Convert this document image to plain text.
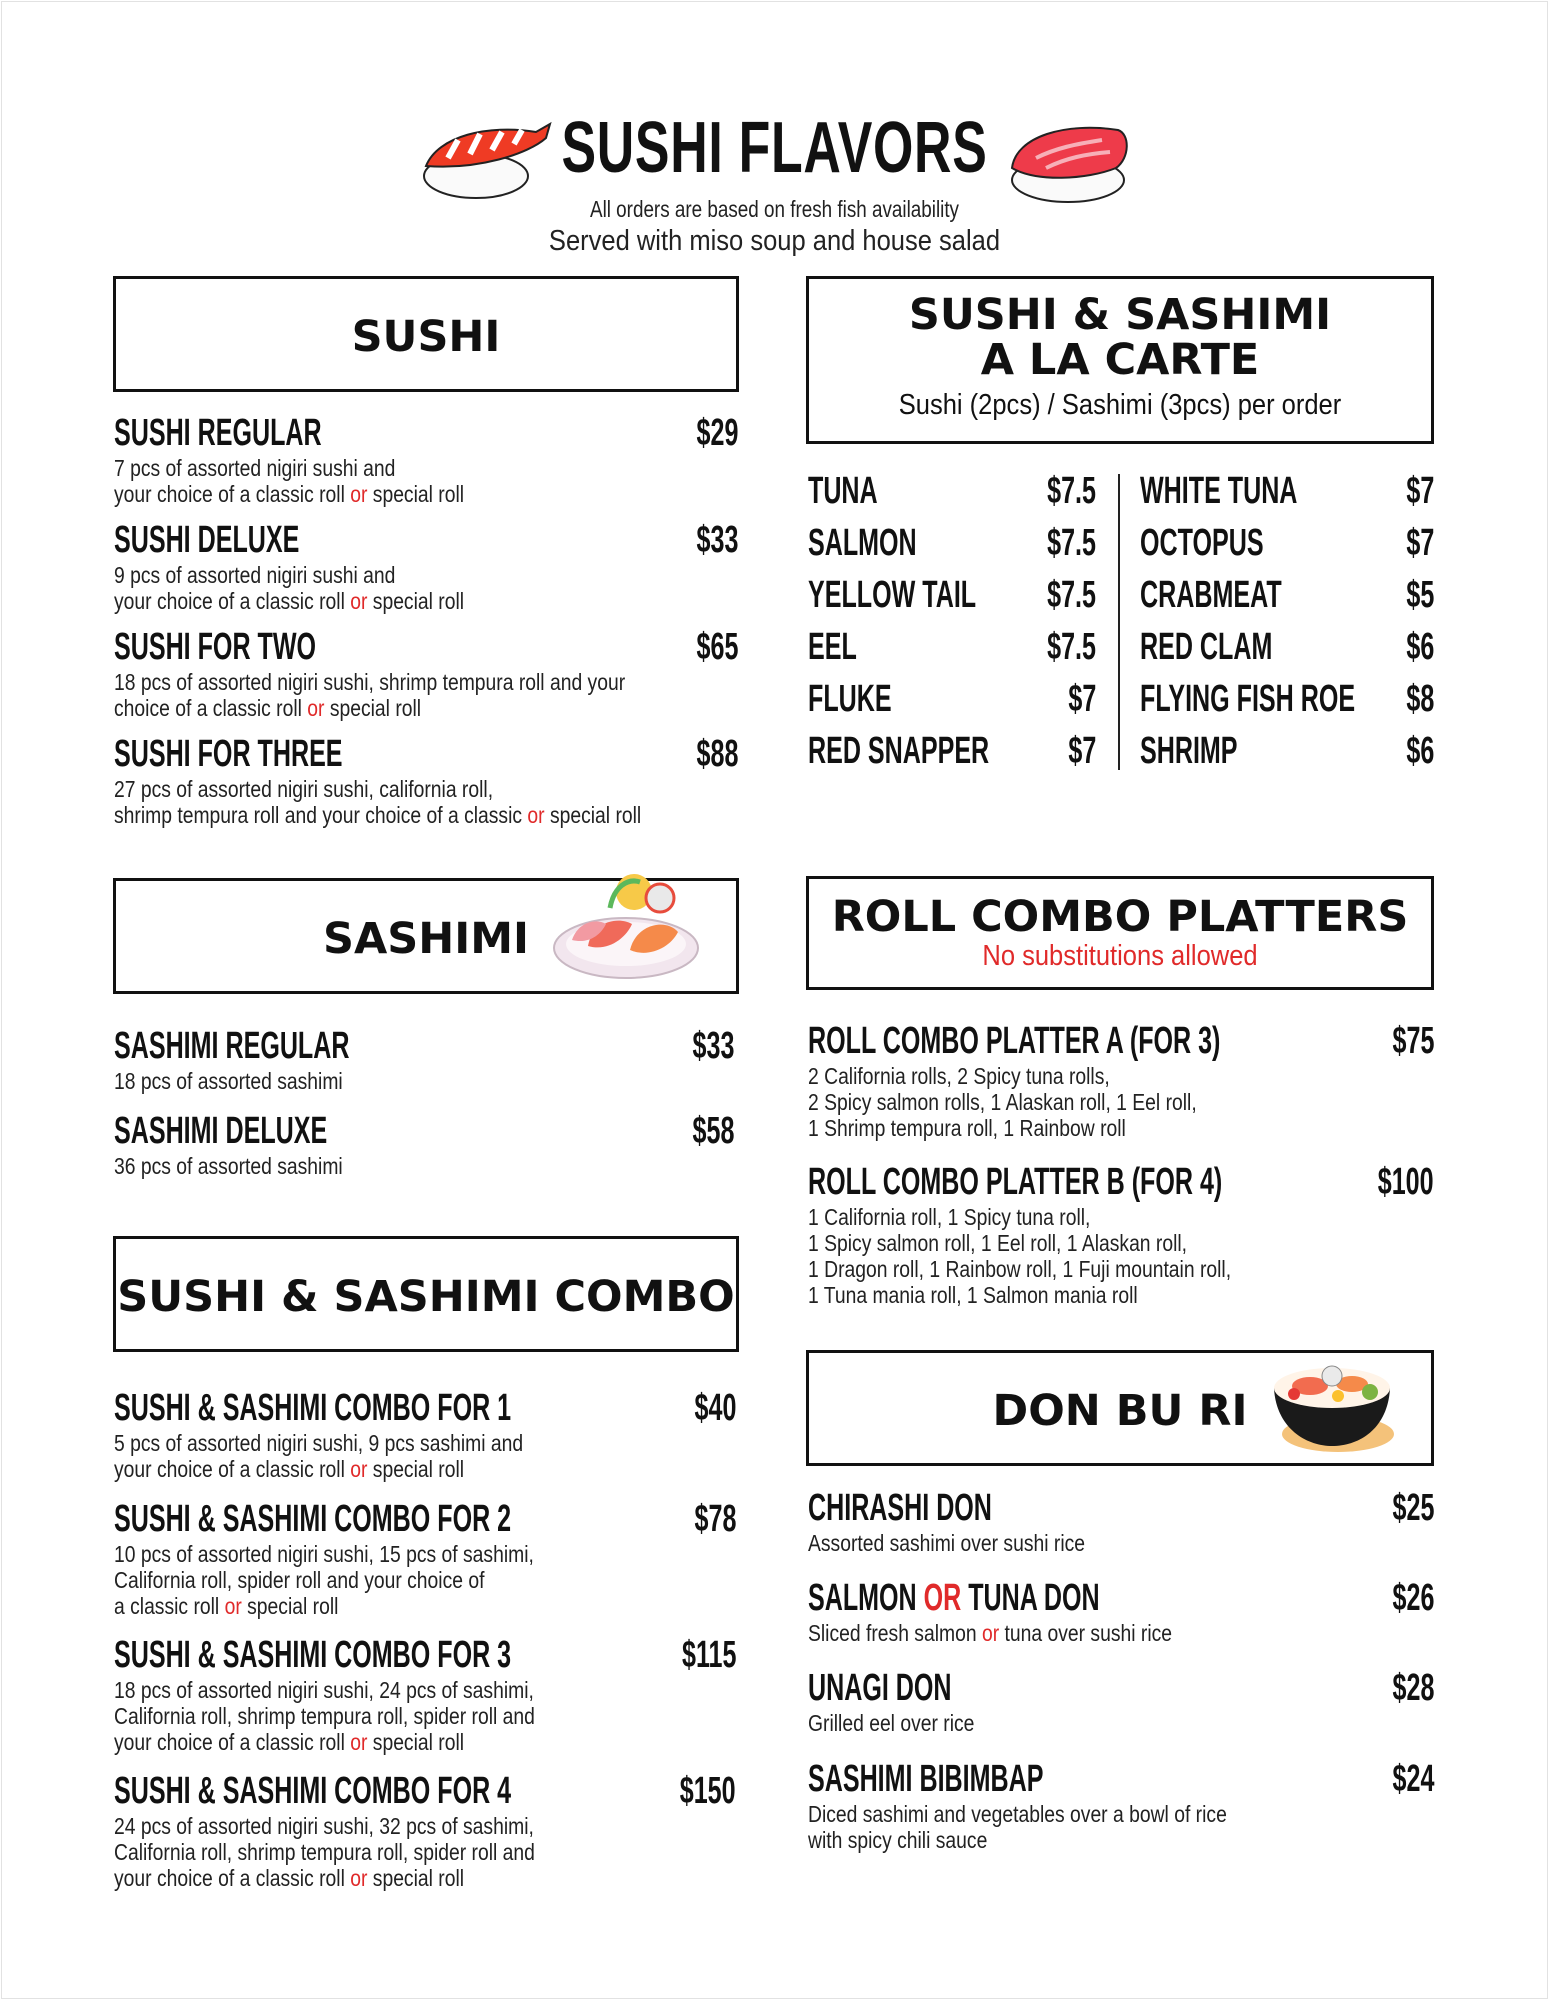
SUSHI FLAVORS
All orders are based on fresh fish availability
Served with miso soup and house salad
SUSHI
SUSHI REGULAR	$29
7 pcs of assorted nigiri sushi and
your choice of a classic roll or special roll
SUSHI DELUXE	$33
9 pcs of assorted nigiri sushi and
your choice of a classic roll or special roll
SUSHI FOR TWO	$65
18 pcs of assorted nigiri sushi, shrimp tempura roll and your
choice of a classic roll or special roll
SUSHI FOR THREE	$88
27 pcs of assorted nigiri sushi, california roll,
shrimp tempura roll and your choice of a classic or special roll
SUSHI & SASHIMI
A LA CARTE
Sushi (2pcs) / Sashimi (3pcs) per order
TUNA	$7.5
SALMON	$7.5
YELLOW TAIL $7.5
EEL	$7.5
FLUKE	$7
RED SNAPPER $7
WHITE TUNA	$7
OCTOPUS	$7
CRABMEAT	$5
RED CLAM	$6
FLYING FISH ROE $8
SHRIMP	$6
SASHIMI
SASHIMI REGULAR	$33
18 pcs of assorted sashimi
SASHIMI DELUXE	$58
36 pcs of assorted sashimi
ROLL COMBO PLATTERS
No substitutions allowed
ROLL COMBO PLATTER A (FOR 3)	$75
2 California rolls, 2 Spicy tuna rolls,
2 Spicy salmon rolls, 1 Alaskan roll, 1 Eel roll,
1 Shrimp tempura roll, 1 Rainbow roll
ROLL COMBO PLATTER B (FOR 4)	$100
1 California roll, 1 Spicy tuna roll,
1 Spicy salmon roll, 1 Eel roll, 1 Alaskan roll,
1 Dragon roll, 1 Rainbow roll, 1 Fuji mountain roll,
1 Tuna mania roll, 1 Salmon mania roll
SUSHI & SASHIMI COMBO
SUSHI & SASHIMI COMBO FOR 1	$40
5 pcs of assorted nigiri sushi, 9 pcs sashimi and
your choice of a classic roll or special roll
SUSHI & SASHIMI COMBO FOR 2	$78
10 pcs of assorted nigiri sushi, 15 pcs of sashimi,
California roll, spider roll and your choice of
a classic roll or special roll
SUSHI & SASHIMI COMBO FOR 3	$115
18 pcs of assorted nigiri sushi, 24 pcs of sashimi,
California roll, shrimp tempura roll, spider roll and
your choice of a classic roll or special roll
SUSHI & SASHIMI COMBO FOR 4	$150
24 pcs of assorted nigiri sushi, 32 pcs of sashimi,
California roll, shrimp tempura roll, spider roll and
your choice of a classic roll or special roll
DON BU RI
CHIRASHI DON	$25
Assorted sashimi over sushi rice
SALMON OR TUNA DON	$26
Sliced fresh salmon or tuna over sushi rice
UNAGI DON	$28
Grilled eel over rice
SASHIMI BIBIMBAP	$24
Diced sashimi and vegetables over a bowl of rice
with spicy chili sauce
